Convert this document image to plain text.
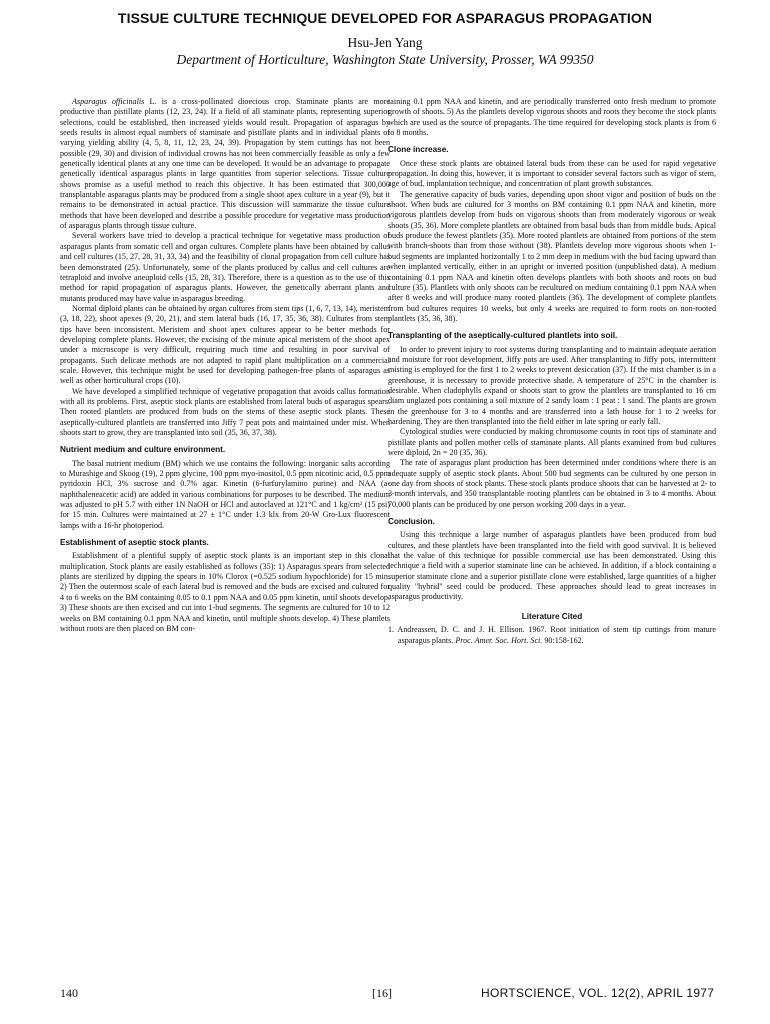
TISSUE CULTURE TECHNIQUE DEVELOPED FOR ASPARAGUS PROPAGATION
Hsu-Jen Yang
Department of Horticulture, Washington State University, Prosser, WA 99350

Asparagus officinalis L. is a cross-pollinated dioecious crop. Staminate plants are more productive than pistillate plants (12, 23, 24). If a field of all staminate plants, representing superior selections, could be established, then increased yields would result. Propagation of asparagus by seeds results in almost equal numbers of staminate and pistillate plants and in individual plants of varying yielding ability (4, 5, 8, 11, 12, 23, 24, 39). Propagation by stem cuttings has not been possible (29, 30) and division of individual crowns has not been commercially feasible as only a few genetically identical plants at any one time can be developed. It would be an advantage to propagate genetically identical asparagus plants in large quantities from superior selections. Tissue culture shows promise as a useful method to reach this objective. It has been estimated that 300,000 transplantable asparagus plants may be produced from a single shoot apex culture in a year (9), but it remains to be demonstrated in actual practice. This discussion will summarize the tissue culture methods that have been developed and describe a possible procedure for vegetative mass production of asparagus plants through tissue culture.

Several workers have tried to develop a practical technique for vegetative mass production of asparagus plants from somatic cell and organ cultures. Complete plants have been obtained by callus and cell cultures (15, 27, 28, 31, 33, 34) and the feasibility of clonal propagation from cell culture has been demonstrated (25). Unfortunately, some of the plants produced by callus and cell cultures are tetraploid and involve aneuploid cells (15, 28, 31). Therefore, there is a question as to the use of this method for rapid propagation of asparagus plants. However, the genetically aberrant plants and mutants produced may have value in asparagus breeding.

Normal diploid plants can be obtained by organ cultures from stem tips (1, 6, 7, 13, 14), meristem (3, 18, 22), shoot apexes (9, 20, 21), and stem lateral buds (16, 17, 35, 36, 38). Cultures from stem tips have been inconsistent. Meristem and shoot apex cultures appear to be better methods for developing complete plants. However, the excising of the minute apical meristem of the shoot apex under a microscope is very difficult, requiring much time and resulting in poor survival of propagants. Such delicate methods are not adapted to rapid plant multiplication on a commercial scale. However, this technique might be used for developing pathogen-free plants of asparagus as well as other horticultural crops (10).

We have developed a simplified technique of vegetative propagation that avoids callus formation with all its problems. First, aseptic stock plants are established from lateral buds of asparagus spears. Then rooted plantlets are produced from buds on the stems of these aseptic stock plants. These aseptically-cultured plantlets are transferred into Jiffy 7 peat pots and maintained under mist. When shoots start to grow, they are transplanted into soil (35, 36, 37, 38).

Nutrient medium and culture environment.

The basal nutrient medium (BM) which we use contains the following: inorganic salts according to Murashige and Skoog (19), 2 ppm glycine, 100 ppm myo-inositol, 0.5 ppm nicotinic acid, 0.5 ppm pyridoxin HCl, 3% sucrose and 0.7% agar. Kinetin (6-furfurylamino purine) and NAA (a-naphthaleneacetic acid) are added in various combinations for purposes to be described. The medium was adjusted to pH 5.7 with either 1N NaOH or HCl and autoclaved at 121°C and 1 kg/cm² (15 psi) for 15 min. Cultures were maintained at 27 ± 1°C under 1.3 klx from 20-W Gro-Lux fluorescent lamps with a 16-hr photoperiod.

Establishment of aseptic stock plants.

Establishment of a plentiful supply of aseptic stock plants is an important step in this clonal multiplication. Stock plants are easily established as follows (35): 1) Asparagus spears from selected plants are sterilized by dipping the spears in 10% Clorox (=0.525 sodium hypochloride) for 15 min. 2) Then the outermost scale of each lateral bud is removed and the buds are excised and cultured for 4 to 6 weeks on the BM containing 0.05 to 0.1 ppm NAA and 0.05 ppm kinetin, until shoots develop. 3) These shoots are then excised and cut into 1-bud segments. The segments are cultured for 10 to 12 weeks on BM containing 0.1 ppm NAA and kinetin, until multiple shoots develop. 4) These plantlets without roots are then placed on BM con-

taining 0.1 ppm NAA and kinetin, and are periodically transferred onto fresh medium to promote growth of shoots. 5) As the plantlets develop vigorous shoots and roots they become the stock plants which are used as the source of propagants. The time required for developing stock plants is from 6 to 8 months.

Clone increase.

Once these stock plants are obtained lateral buds from these can be used for rapid vegetative propagation. In doing this, however, it is important to consider several factors such as vigor of stem, age of bud, implantation technique, and concentration of plant growth substances.

The generative capacity of buds varies, depending upon shoot vigor and position of buds on the shoot. When buds are cultured for 3 months on BM containing 0.1 ppm NAA and kinetin, more vigorous plantlets develop from buds on vigorous shoots than from moderately vigorous or weak shoots (35, 36). More complete plantlets are obtained from basal buds than from middle buds. Apical buds produce the fewest plantlets (35). More rooted plantlets are obtained from portions of the stem with branch-shoots than from those without (38). Plantlets develop more vigorous shoots when 1-bud segments are implanted horizontally 1 to 2 mm deep in medium with the bud facing upward than when implanted vertically, either in an upright or inverted position (unpublished data). A medium containing 0.1 ppm NAA and kinetin often develops plantlets with both shoots and roots on bud culture (35). Plantlets with only shoots can be recultured on medium containing 0.1 ppm NAA when after 8 weeks and will produce many rooted plantlets (36). The development of complete plantlets from bud cultures requires 10 weeks, but only 4 weeks are required to form roots on non-rooted plantlets (35, 36, 38).

Transplanting of the aseptically-cultured plantlets into soil.

In order to prevent injury to root systems during transplanting and to maintain adequate aeration and moisture for root development, Jiffy pots are used. After transplanting to Jiffy pots, intermittent misting is employed for the first 1 to 2 weeks to prevent desiccation (37). If the mist chamber is in a greenhouse, it is necessary to provide protective shade. A temperature of 25°C in the chamber is desirable. When cladophylls expand or shoots start to grow the plantlets are transplanted to 16 cm diam unglazed pots containing a soil mixture of 2 sandy loam : 1 peat : 1 sand. The plants are grown in the greenhouse for 3 to 4 months and are transferred into a lath house for 1 to 2 weeks for hardening. They are then transplanted into the field either in late spring or early fall.

Cytological studies were conducted by making chromosome counts in root tips of staminate and pistillate plants and pollen mother cells of staminate plants. All plants examined from bud cultures were diploid, 2n = 20 (35, 36).

The rate of asparagus plant production has been determined under conditions where there is an adequate supply of aseptic stock plants. About 500 bud segments can be cultured by one person in one day from shoots of stock plants. These stock plants produce shoots that can be harvested at 2- to 3-month intervals, and 350 transplantable rooting plantlets can be obtained in 3 to 4 months. About 70,000 plants can be produced by one person working 200 days in a year.

Conclusion.

Using this technique a large number of asparagus plantlets have been produced from bud cultures, and these plantlets have been transplanted into the field with good survival. It is believed that the value of this technique for possible commercial use has been demonstrated. Using this technique a field with a superior staminate line can be achieved. In addition, if a block containing a superior staminate clone and a superior pistillate clone were established, large quantities of a higher quality "hybrid" seed could be produced. These approaches should lead to great increases in asparagus productivity.

Literature Cited

1. Andreassen, D. C. and J. H. Ellison. 1967. Root initiation of stem tip cuttings from mature asparagus plants. Proc. Amer. Soc. Hort. Sci. 90:158-162.

140	[16]	HORTSCIENCE, VOL. 12(2), APRIL 1977
